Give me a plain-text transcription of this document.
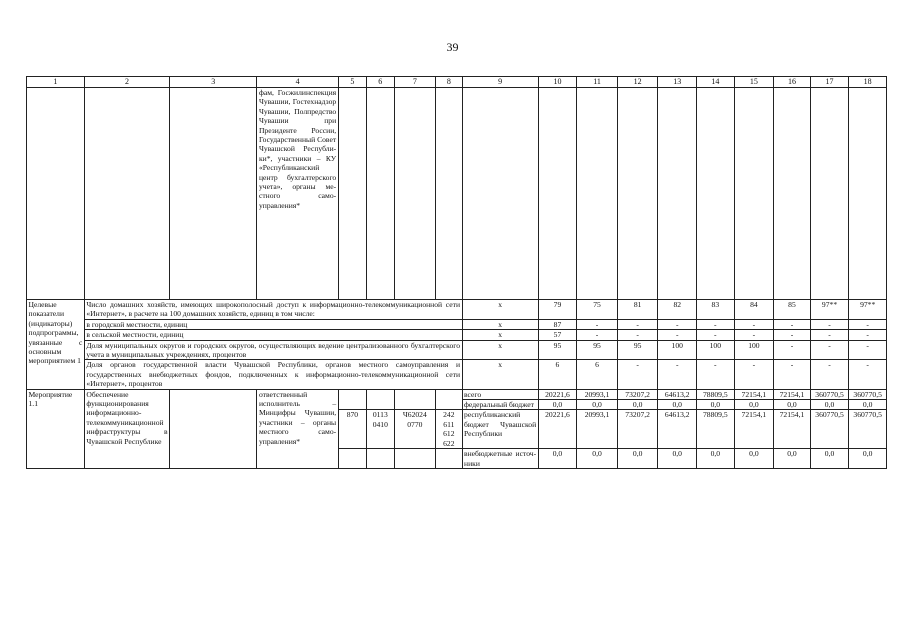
39
1	2	3	4	5	6	7	8	9	10	11	12	13	14	15	16	17	18
			фам, Госжилинспекция Чувашии, Гостехнадзор Чувашии, Полпредство Чувашии при Президенте России, Государственный Совет Чувашской Республики*, участники – КУ «Республиканский центр бухгалтерского учета», органы местного самоуправления*														
Целевые показатели (индикаторы) подпрограммы, увязанные с основным мероприятием 1	Число домашних хозяйств, имеющих широкополосный доступ к информационно-телекоммуникационной сети «Интернет», в расчете на 100 домашних хозяйств, единиц в том числе:							х	79	75	81	82	83	84	85	97**	97**
	в городской местности, единиц							х	87	-	-	-	-	-	-	-	-
	в сельской местности, единиц							х	57	-	-	-	-	-	-	-	-
	Доля муниципальных округов и городских округов, осуществляющих ведение централизованного бухгалтерского учета в муниципальных учреждениях, процентов							х	95	95	95	100	100	100	-	-	-
	Доля органов государственной власти Чувашской Республики, органов местного самоуправления и государственных внебюджетных фондов, подключенных к информационно-телекоммуникационной сети «Интернет», процентов							х	6	6	-	-	-	-	-	-	-
Мероприятие 1.1	Обеспечение функционирования информационно-телекоммуникационной инфраструктуры в Чувашской Республике		ответственный исполнитель – Минцифры Чувашии, участники – органы местного самоуправления*					всего	20221,6	20993,1	73207,2	64613,2	78809,5	72154,1	72154,1	360770,5	360770,5
								федеральный бюджет	0,0	0,0	0,0	0,0	0,0	0,0	0,0	0,0	0,0
				870	0113 0410	Ч62024 0770	242 611 612 622	республиканский бюджет Чувашской Республики	20221,6	20993,1	73207,2	64613,2	78809,5	72154,1	72154,1	360770,5	360770,5
								внебюджетные источники	0,0	0,0	0,0	0,0	0,0	0,0	0,0	0,0	0,0
